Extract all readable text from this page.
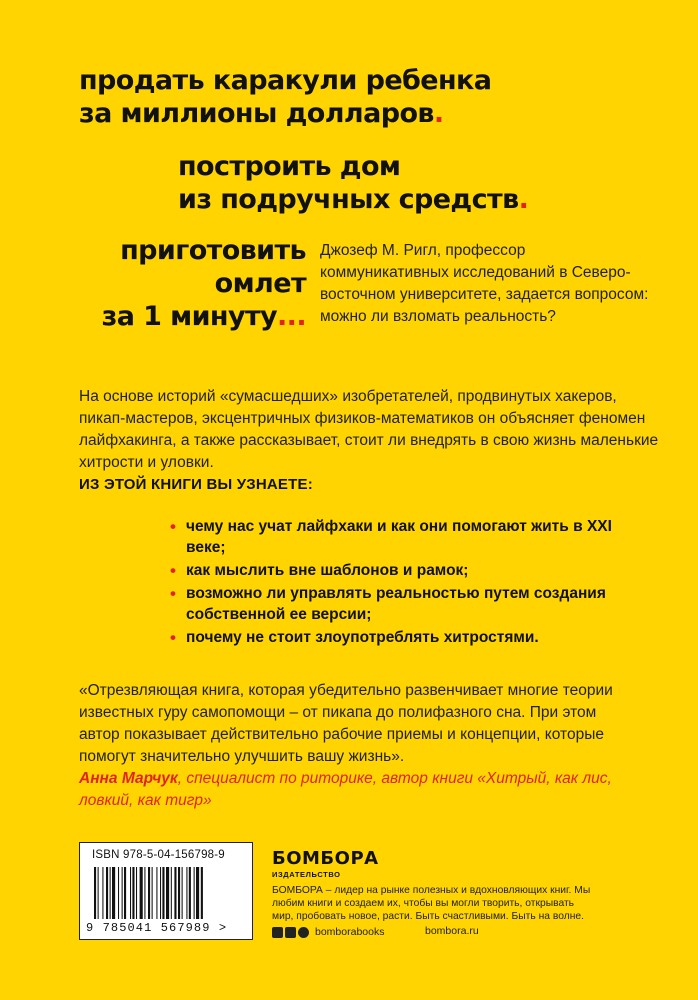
продать каракули ребенка
за миллионы долларов.
построить дом
из подручных средств.
приготовить
омлет
за 1 минуту...
Джозеф М. Ригл, профессор коммуникативных исследований в Северо-восточном университете, задается вопросом: можно ли взломать реальность?
На основе историй «сумасшедших» изобретателей, продвинутых хакеров, пикап-мастеров, эксцентричных физиков-математиков он объясняет феномен лайфхакинга, а также рассказывает, стоит ли внедрять в свою жизнь маленькие хитрости и уловки.
ИЗ ЭТОЙ КНИГИ ВЫ УЗНАЕТЕ:
• чему нас учат лайфхаки и как они помогают жить в XXI веке;
• как мыслить вне шаблонов и рамок;
• возможно ли управлять реальностью путем создания собственной ее версии;
• почему не стоит злоупотреблять хитростями.
«Отрезвляющая книга, которая убедительно развенчивает многие теории известных гуру самопомощи – от пикапа до полифазного сна. При этом автор показывает действительно рабочие приемы и концепции, которые помогут значительно улучшить вашу жизнь».
Анна Марчук, специалист по риторике, автор книги «Хитрый, как лис, ловкий, как тигр»
ISBN 978-5-04-156798-9
9 785041 567989 >
БОМБОРА
ИЗДАТЕЛЬСТВО
БОМБОРА – лидер на рынке полезных и вдохновляющих книг. Мы любим книги и создаем их, чтобы вы могли творить, открывать мир, пробовать новое, расти. Быть счастливыми. Быть на волне.
bomborabooks	bombora.ru
